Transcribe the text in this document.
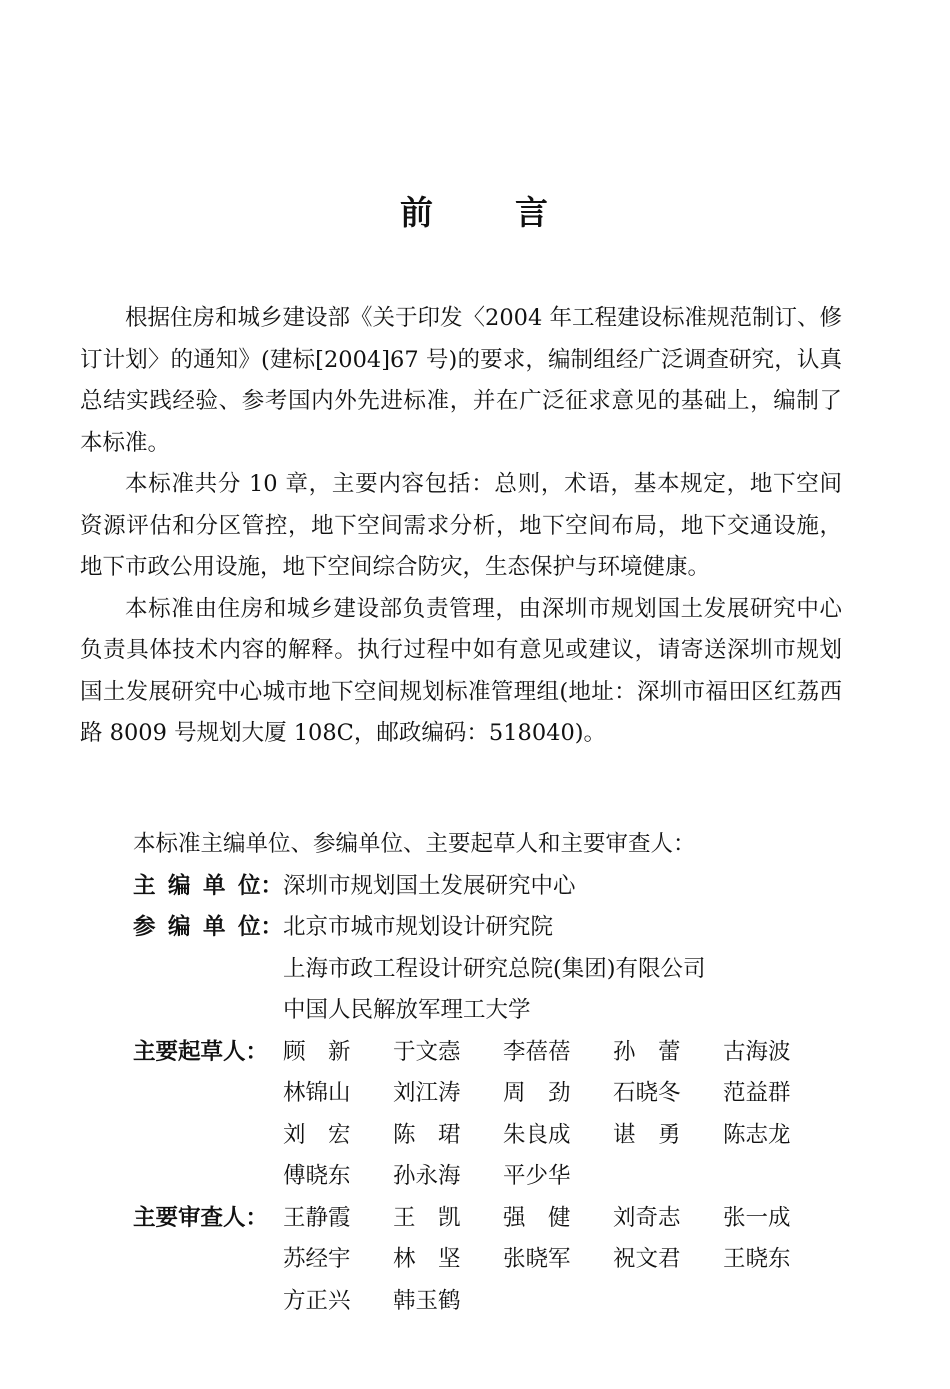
前 言

根据住房和城乡建设部《关于印发〈2004 年工程建设标准规范制订、修订计划〉的通知》(建标[2004]67 号)的要求，编制组经广泛调查研究，认真总结实践经验、参考国内外先进标准，并在广泛征求意见的基础上，编制了本标准。

本标准共分 10 章，主要内容包括：总则，术语，基本规定，地下空间资源评估和分区管控，地下空间需求分析，地下空间布局，地下交通设施，地下市政公用设施，地下空间综合防灾，生态保护与环境健康。

本标准由住房和城乡建设部负责管理，由深圳市规划国土发展研究中心负责具体技术内容的解释。执行过程中如有意见或建议，请寄送深圳市规划国土发展研究中心城市地下空间规划标准管理组(地址：深圳市福田区红荔西路 8009 号规划大厦 108C，邮政编码：518040)。

本标准主编单位、参编单位、主要起草人和主要审查人：
主 编 单 位： 深圳市规划国土发展研究中心
参 编 单 位： 北京市城市规划设计研究院
上海市政工程设计研究总院(集团)有限公司
中国人民解放军理工大学
主要起草人： 顾　新	于文悫	李蓓蓓	孙　蕾	古海波
林锦山	刘江涛	周　劲	石晓冬	范益群
刘　宏	陈　珺	朱良成	谌　勇	陈志龙
傅晓东	孙永海	平少华
主要审查人： 王静霞	王　凯	强　健	刘奇志	张一成
苏经宇	林　坚	张晓军	祝文君	王晓东
方正兴	韩玉鹤
